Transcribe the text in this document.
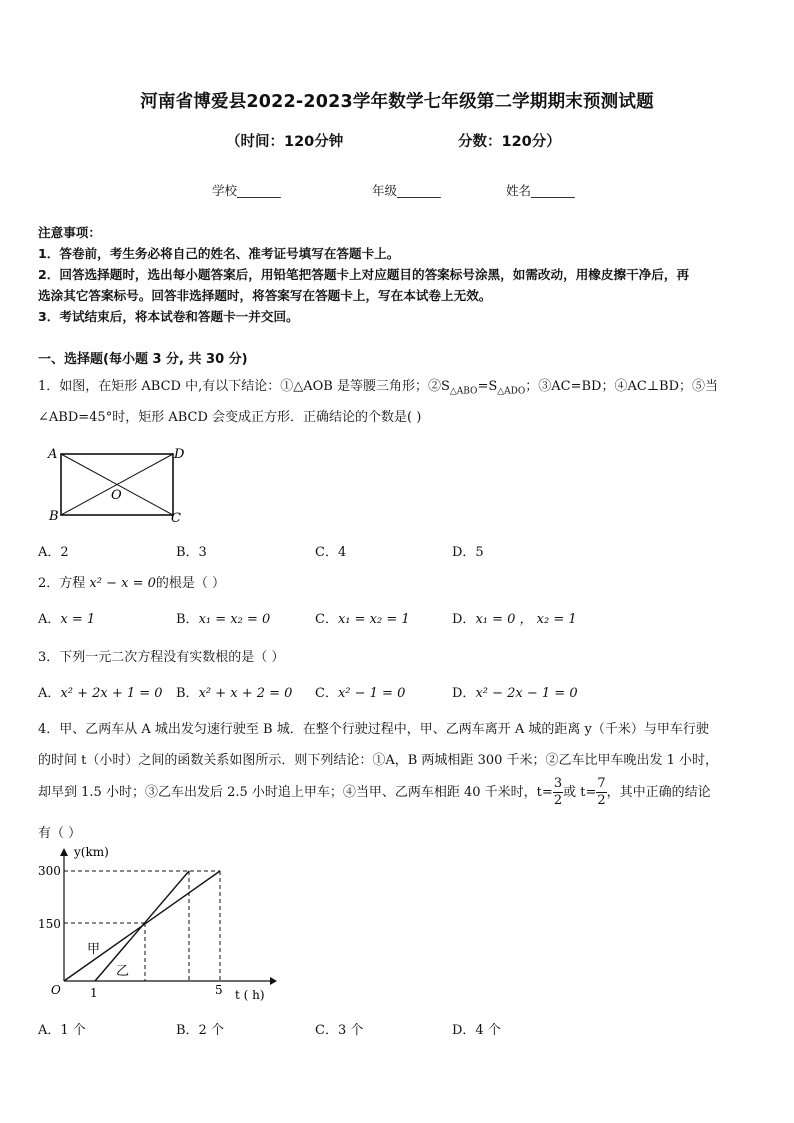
河南省博爱县2022-2023学年数学七年级第二学期期末预测试题
（时间：120分钟	分数：120分）
学校_______	年级_______	姓名_______
注意事项：
1．答卷前，考生务必将自己的姓名、准考证号填写在答题卡上。
2．回答选择题时，选出每小题答案后，用铅笔把答题卡上对应题目的答案标号涂黑，如需改动，用橡皮擦干净后，再
选涂其它答案标号。回答非选择题时，将答案写在答题卡上，写在本试卷上无效。
3．考试结束后，将本试卷和答题卡一并交回。
一、选择题(每小题 3 分, 共 30 分)
1．如图，在矩形 ABCD 中,有以下结论：①△AOB 是等腰三角形；$②S_{\triangle ABO}=S_{\triangle ADO}$；③AC=BD；④AC⊥BD；⑤当
∠ABD=45°时，矩形 ABCD 会变成正方形．正确结论的个数是( )
A	D
B	C
O
A．2	B．3	C．4	D．5
2．方程 x² − x = 0的根是（ ）
A．x = 1	B．x₁ = x₂ = 0	C．x₁ = x₂ = 1	D．x₁ = 0 ， x₂ = 1
3．下列一元二次方程没有实数根的是（ ）
A．x² + 2x + 1 = 0 B．x² + x + 2 = 0 C．x² − 1 = 0	D．x² − 2x − 1 = 0
4．甲、乙两车从 A 城出发匀速行驶至 B 城．在整个行驶过程中，甲、乙两车离开 A 城的距离 y（千米）与甲车行驶
的时间 t（小时）之间的函数关系如图所示．则下列结论：①A，B 两城相距 300 千米；②乙车比甲车晚出发 1 小时，
却早到 1.5 小时；③乙车出发后 2.5 小时追上甲车；④当甲、乙两车相距 40 千米时，$t= \frac{3}{2}$ 或 $t= \frac{7}{2}$ ，其中正确的结论
有（ ）
y(km)
t ( h)
300
150
O 1	5
甲
乙
A．1 个	B．2 个	C．3 个	D．4 个
